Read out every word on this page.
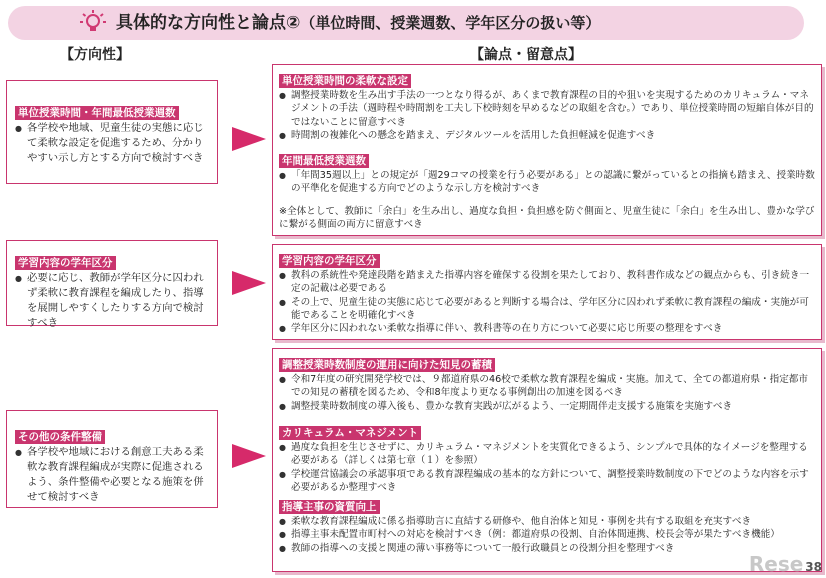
具体的な方向性と論点②（単位時間、授業週数、学年区分の扱い等）
【方向性】	【論点・留意点】
単位授業時間・年間最低授業週数
● 各学校や地域、児童生徒の実態に応じて柔軟な設定を促進するため、分かりやすい示し方とする方向で検討すべき
学習内容の学年区分
● 必要に応じ、教師が学年区分に囚われず柔軟に教育課程を編成したり、指導を展開しやすくしたりする方向で検討すべき
その他の条件整備
● 各学校や地域における創意工夫ある柔軟な教育課程編成が実際に促進されるよう、条件整備や必要となる施策を併せて検討すべき
単位授業時間の柔軟な設定
● 調整授業時数を生み出す手法の一つとなり得るが、あくまで教育課程の目的や狙いを実現するためのカリキュラム・マネジメントの手法（週時程や時間割を工夫し下校時刻を早めるなどの取組を含む。）であり、単位授業時間の短縮自体が目的ではないことに留意すべき
● 時間割の複雑化への懸念を踏まえ、デジタルツールを活用した負担軽減を促進すべき
年間最低授業週数
● 「年間35週以上」との規定が「週29コマの授業を行う必要がある」との認識に繋がっているとの指摘も踏まえ、授業時数の平準化を促進する方向でどのような示し方を検討すべき
※全体として、教師に「余白」を生み出し、過度な負担・負担感を防ぐ側面と、児童生徒に「余白」を生み出し、豊かな学びに繋がる側面の両方に留意すべき
学習内容の学年区分
● 教科の系統性や発達段階を踏まえた指導内容を確保する役割を果たしており、教科書作成などの観点からも、引き続き一定の記載は必要である
● その上で、児童生徒の実態に応じて必要があると判断する場合は、学年区分に囚われず柔軟に教育課程の編成・実施が可能であることを明確化すべき
● 学年区分に囚われない柔軟な指導に伴い、教科書等の在り方について必要に応じ所要の整理をすべき
調整授業時数制度の運用に向けた知見の蓄積
● 令和7年度の研究開発学校では、９都道府県の46校で柔軟な教育課程を編成・実施。加えて、全ての都道府県・指定都市での知見の蓄積を図るため、令和8年度より更なる事例創出の加速を図るべき
● 調整授業時数制度の導入後も、豊かな教育実践が広がるよう、一定期間伴走支援する施策を実施すべき
カリキュラム・マネジメント
● 過度な負担を生じさせずに、カリキュラム・マネジメントを実質化できるよう、シンプルで具体的なイメージを整理する必要がある（詳しくは第七章（１）を参照）
● 学校運営協議会の承認事項である教育課程編成の基本的な方針について、調整授業時数制度の下でどのような内容を示す必要があるか整理すべき
指導主事の資質向上
● 柔軟な教育課程編成に係る指導助言に直結する研修や、他自治体と知見・事例を共有する取組を充実すべき
● 指導主事未配置市町村への対応を検討すべき（例：都道府県の役割、自治体間連携、校長会等が果たすべき機能）
● 教師の指導への支援と関連の薄い事務等について一般行政職員との役割分担を整理すべき
Rese 38
